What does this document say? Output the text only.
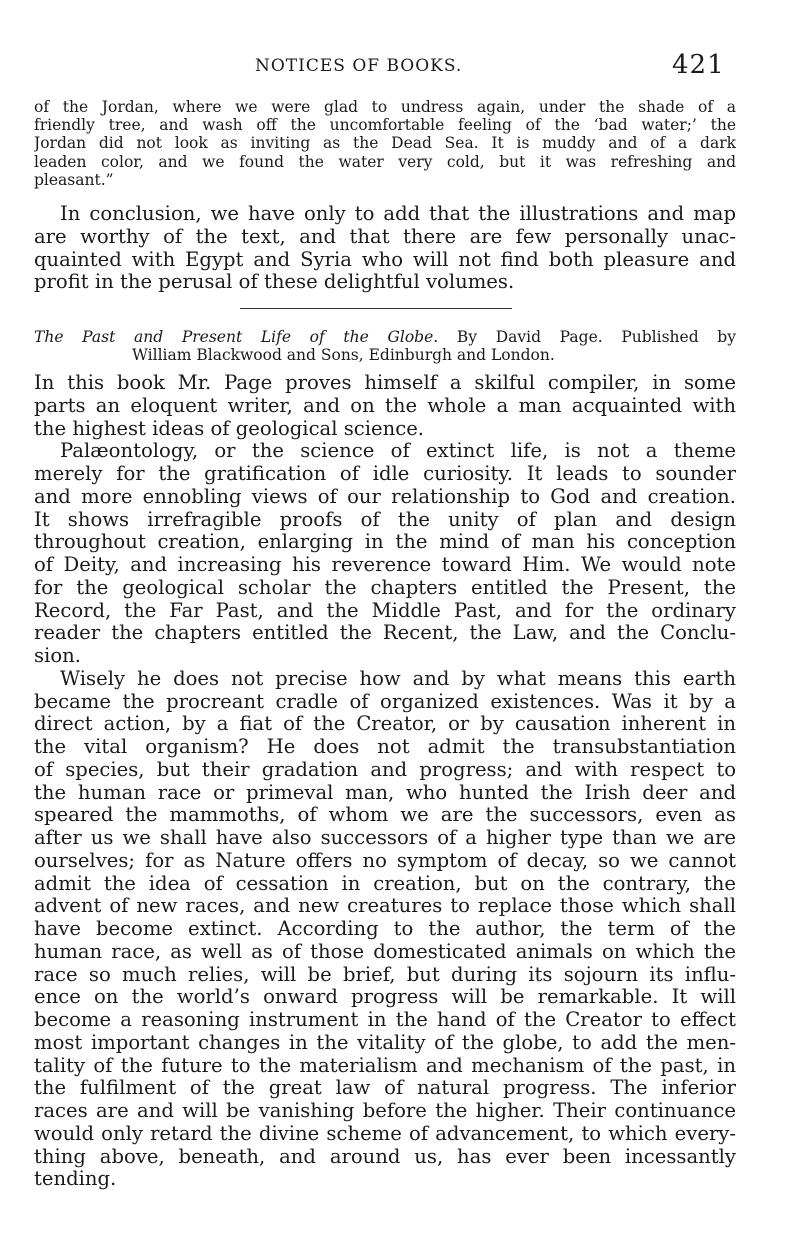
NOTICES OF BOOKS.	421
of the Jordan, where we were glad to undress again, under the shade of a
friendly tree, and wash off the uncomfortable feeling of the ‘bad water;’ the
Jordan did not look as inviting as the Dead Sea. It is muddy and of a dark
leaden color, and we found the water very cold, but it was refreshing and
pleasant.”
In conclusion, we have only to add that the illustrations and map
are worthy of the text, and that there are few personally unac-
quainted with Egypt and Syria who will not find both pleasure and
profit in the perusal of these delightful volumes.
The Past and Present Life of the Globe. By David Page. Published by
William Blackwood and Sons, Edinburgh and London.
In this book Mr. Page proves himself a skilful compiler, in some
parts an eloquent writer, and on the whole a man acquainted with
the highest ideas of geological science.
Palæontology, or the science of extinct life, is not a theme
merely for the gratification of idle curiosity. It leads to sounder
and more ennobling views of our relationship to God and creation.
It shows irrefragible proofs of the unity of plan and design
throughout creation, enlarging in the mind of man his conception
of Deity, and increasing his reverence toward Him. We would note
for the geological scholar the chapters entitled the Present, the
Record, the Far Past, and the Middle Past, and for the ordinary
reader the chapters entitled the Recent, the Law, and the Conclu-
sion.
Wisely he does not precise how and by what means this earth
became the procreant cradle of organized existences. Was it by a
direct action, by a fiat of the Creator, or by causation inherent in
the vital organism? He does not admit the transubstantiation
of species, but their gradation and progress; and with respect to
the human race or primeval man, who hunted the Irish deer and
speared the mammoths, of whom we are the successors, even as
after us we shall have also successors of a higher type than we are
ourselves; for as Nature offers no symptom of decay, so we cannot
admit the idea of cessation in creation, but on the contrary, the
advent of new races, and new creatures to replace those which shall
have become extinct. According to the author, the term of the
human race, as well as of those domesticated animals on which the
race so much relies, will be brief, but during its sojourn its influ-
ence on the world’s onward progress will be remarkable. It will
become a reasoning instrument in the hand of the Creator to effect
most important changes in the vitality of the globe, to add the men-
tality of the future to the materialism and mechanism of the past, in
the fulfilment of the great law of natural progress. The inferior
races are and will be vanishing before the higher. Their continuance
would only retard the divine scheme of advancement, to which every-
thing above, beneath, and around us, has ever been incessantly
tending.
